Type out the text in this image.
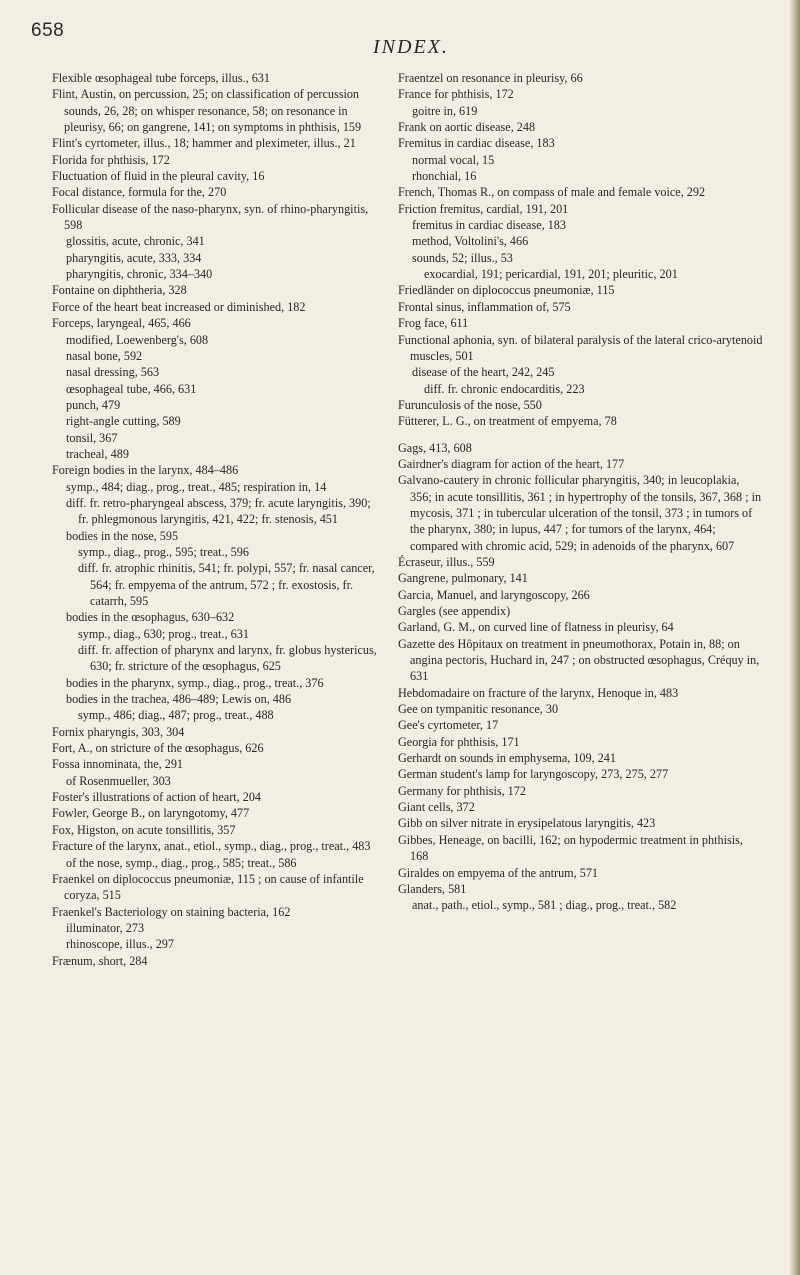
658
INDEX.

Flexible œsophageal tube forceps, illus., 631

Flint, Austin, on percussion, 25; on classification of percussion sounds, 26, 28; on whisper resonance, 58; on resonance in pleurisy, 66; on gangrene, 141; on symptoms in phthisis, 159

Flint's cyrtometer, illus., 18; hammer and pleximeter, illus., 21

Florida for phthisis, 172

Fluctuation of fluid in the pleural cavity, 16

Focal distance, formula for the, 270

Follicular disease of the naso-pharynx, syn. of rhino-pharyngitis, 598

glossitis, acute, chronic, 341

pharyngitis, acute, 333, 334

pharyngitis, chronic, 334–340

Fontaine on diphtheria, 328

Force of the heart beat increased or diminished, 182

Forceps, laryngeal, 465, 466

modified, Loewenberg's, 608

nasal bone, 592

nasal dressing, 563

œsophageal tube, 466, 631

punch, 479

right-angle cutting, 589

tonsil, 367

tracheal, 489

Foreign bodies in the larynx, 484–486

symp., 484; diag., prog., treat., 485; respiration in, 14

diff. fr. retro-pharyngeal abscess, 379; fr. acute laryngitis, 390; fr. phlegmonous laryngitis, 421, 422; fr. stenosis, 451

bodies in the nose, 595

symp., diag., prog., 595; treat., 596

diff. fr. atrophic rhinitis, 541; fr. polypi, 557; fr. nasal cancer, 564; fr. empyema of the antrum, 572 ; fr. exostosis, fr. catarrh, 595

bodies in the œsophagus, 630–632

symp., diag., 630; prog., treat., 631

diff. fr. affection of pharynx and larynx, fr. globus hystericus, 630; fr. stricture of the œsophagus, 625

bodies in the pharynx, symp., diag., prog., treat., 376

bodies in the trachea, 486–489; Lewis on, 486

symp., 486; diag., 487; prog., treat., 488

Fornix pharyngis, 303, 304

Fort, A., on stricture of the œsophagus, 626

Fossa innominata, the, 291

of Rosenmueller, 303

Foster's illustrations of action of heart, 204

Fowler, George B., on laryngotomy, 477

Fox, Higston, on acute tonsillitis, 357

Fracture of the larynx, anat., etiol., symp., diag., prog., treat., 483

of the nose, symp., diag., prog., 585; treat., 586

Fraenkel on diplococcus pneumoniæ, 115 ; on cause of infantile coryza, 515

Fraenkel's Bacteriology on staining bacteria, 162

illuminator, 273

rhinoscope, illus., 297

Frænum, short, 284

Fraentzel on resonance in pleurisy, 66

France for phthisis, 172

goitre in, 619

Frank on aortic disease, 248

Fremitus in cardiac disease, 183

normal vocal, 15

rhonchial, 16

French, Thomas R., on compass of male and female voice, 292

Friction fremitus, cardial, 191, 201

fremitus in cardiac disease, 183

method, Voltolini's, 466

sounds, 52; illus., 53

exocardial, 191; pericardial, 191, 201; pleuritic, 201

Friedländer on diplococcus pneumoniæ, 115

Frontal sinus, inflammation of, 575

Frog face, 611

Functional aphonia, syn. of bilateral paralysis of the lateral crico-arytenoid muscles, 501

disease of the heart, 242, 245

diff. fr. chronic endocarditis, 223

Furunculosis of the nose, 550

Fütterer, L. G., on treatment of empyema, 78

Gags, 413, 608

Gairdner's diagram for action of the heart, 177

Galvano-cautery in chronic follicular pharyngitis, 340; in leucoplakia, 356; in acute tonsillitis, 361 ; in hypertrophy of the tonsils, 367, 368 ; in mycosis, 371 ; in tubercular ulceration of the tonsil, 373 ; in tumors of the pharynx, 380; in lupus, 447 ; for tumors of the larynx, 464; compared with chromic acid, 529; in adenoids of the pharynx, 607

Écraseur, illus., 559

Gangrene, pulmonary, 141

Garcia, Manuel, and laryngoscopy, 266

Gargles (see appendix)

Garland, G. M., on curved line of flatness in pleurisy, 64

Gazette des Hôpitaux on treatment in pneumothorax, Potain in, 88; on angina pectoris, Huchard in, 247 ; on obstructed œsophagus, Créquy in, 631

Hebdomadaire on fracture of the larynx, Henoque in, 483

Gee on tympanitic resonance, 30

Gee's cyrtometer, 17

Georgia for phthisis, 171

Gerhardt on sounds in emphysema, 109, 241

German student's lamp for laryngoscopy, 273, 275, 277

Germany for phthisis, 172

Giant cells, 372

Gibb on silver nitrate in erysipelatous laryngitis, 423

Gibbes, Heneage, on bacilli, 162; on hypodermic treatment in phthisis, 168

Giraldes on empyema of the antrum, 571

Glanders, 581

anat., path., etiol., symp., 581 ; diag., prog., treat., 582
